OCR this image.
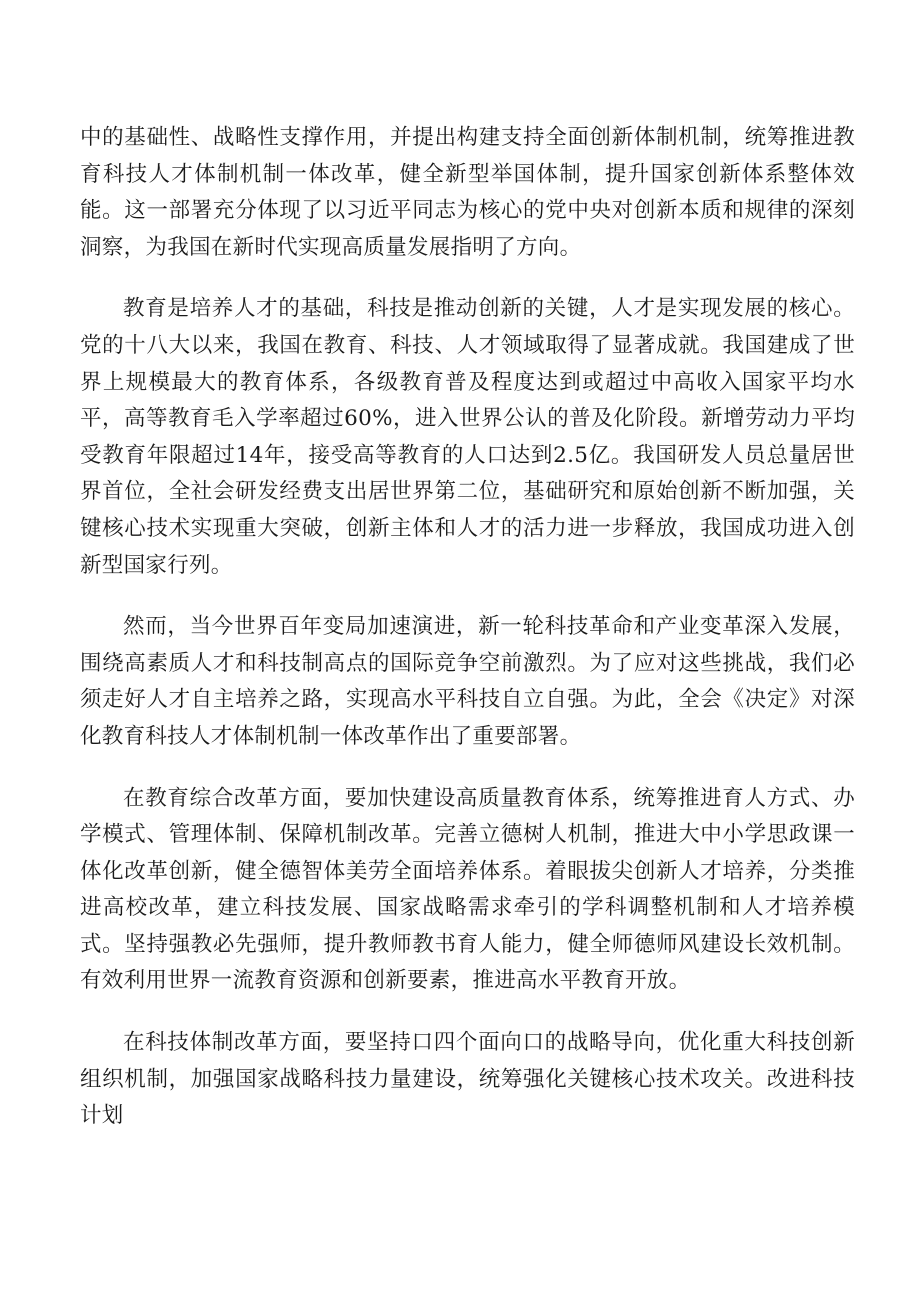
中的基础性、战略性支撑作用，并提出构建支持全面创新体制机制，统筹推进教育科技人才体制机制一体改革，健全新型举国体制，提升国家创新体系整体效能。这一部署充分体现了以习近平同志为核心的党中央对创新本质和规律的深刻洞察，为我国在新时代实现高质量发展指明了方向。

教育是培养人才的基础，科技是推动创新的关键，人才是实现发展的核心。党的十八大以来，我国在教育、科技、人才领域取得了显著成就。我国建成了世界上规模最大的教育体系，各级教育普及程度达到或超过中高收入国家平均水平，高等教育毛入学率超过60%，进入世界公认的普及化阶段。新增劳动力平均受教育年限超过14年，接受高等教育的人口达到2.5亿。我国研发人员总量居世界首位，全社会研发经费支出居世界第二位，基础研究和原始创新不断加强，关键核心技术实现重大突破，创新主体和人才的活力进一步释放，我国成功进入创新型国家行列。

然而，当今世界百年变局加速演进，新一轮科技革命和产业变革深入发展，围绕高素质人才和科技制高点的国际竞争空前激烈。为了应对这些挑战，我们必须走好人才自主培养之路，实现高水平科技自立自强。为此，全会《决定》对深化教育科技人才体制机制一体改革作出了重要部署。

在教育综合改革方面，要加快建设高质量教育体系，统筹推进育人方式、办学模式、管理体制、保障机制改革。完善立德树人机制，推进大中小学思政课一体化改革创新，健全德智体美劳全面培养体系。着眼拔尖创新人才培养，分类推进高校改革，建立科技发展、国家战略需求牵引的学科调整机制和人才培养模式。坚持强教必先强师，提升教师教书育人能力，健全师德师风建设长效机制。有效利用世界一流教育资源和创新要素，推进高水平教育开放。

在科技体制改革方面，要坚持口四个面向口的战略导向，优化重大科技创新组织机制，加强国家战略科技力量建设，统筹强化关键核心技术攻关。改进科技计划
